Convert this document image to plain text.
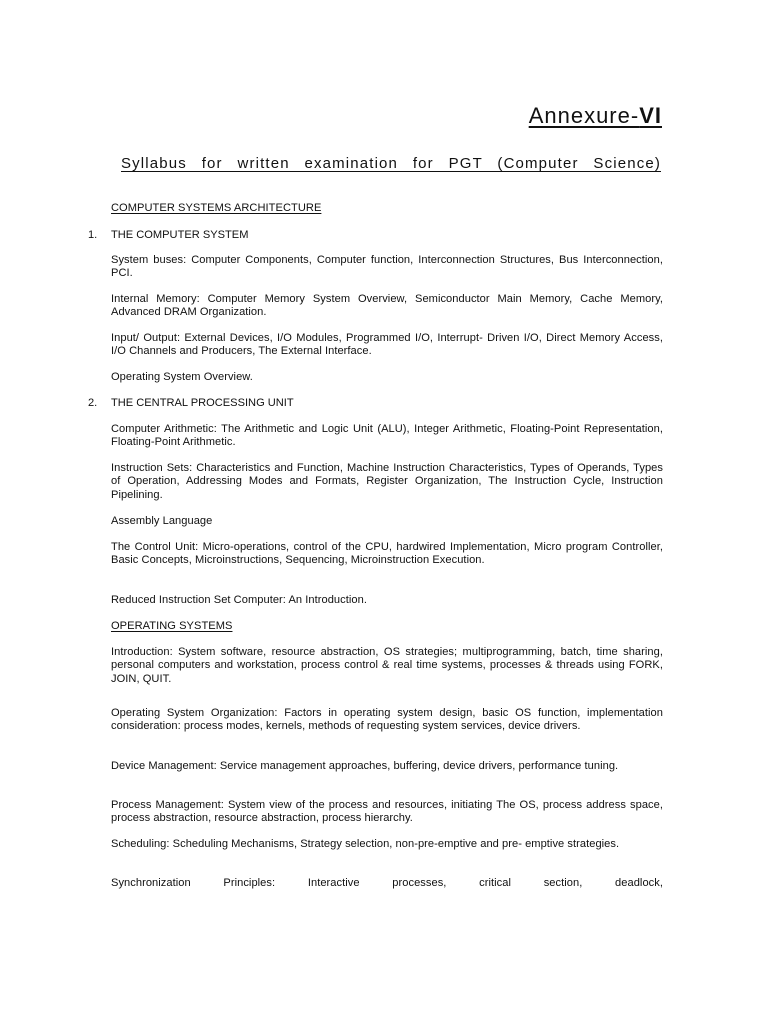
Annexure-VI
Syllabus for written examination for PGT (Computer Science)
COMPUTER SYSTEMS ARCHITECTURE
1. THE COMPUTER SYSTEM
System buses: Computer Components, Computer function, Interconnection Structures, Bus Interconnection, PCI.
Internal Memory: Computer Memory System Overview, Semiconductor Main Memory, Cache Memory, Advanced DRAM Organization.
Input/ Output: External Devices, I/O Modules, Programmed I/O, Interrupt- Driven I/O, Direct Memory Access, I/O Channels and Producers, The External Interface.
Operating System Overview.
2. THE CENTRAL PROCESSING UNIT
Computer Arithmetic: The Arithmetic and Logic Unit (ALU), Integer Arithmetic, Floating-Point Representation, Floating-Point Arithmetic.
Instruction Sets: Characteristics and Function, Machine Instruction Characteristics, Types of Operands, Types of Operation, Addressing Modes and Formats, Register Organization, The Instruction Cycle, Instruction Pipelining.
Assembly Language
The Control Unit: Micro-operations, control of the CPU, hardwired Implementation, Micro program Controller, Basic Concepts, Microinstructions, Sequencing, Microinstruction Execution.
Reduced Instruction Set Computer: An Introduction.
OPERATING SYSTEMS
Introduction: System software, resource abstraction, OS strategies; multiprogramming, batch, time sharing, personal computers and workstation, process control & real time systems, processes & threads using FORK, JOIN, QUIT.
Operating System Organization: Factors in operating system design, basic OS function, implementation consideration: process modes, kernels, methods of requesting system services, device drivers.
Device Management: Service management approaches, buffering, device drivers, performance tuning.
Process Management: System view of the process and resources, initiating The OS, process address space, process abstraction, resource abstraction, process hierarchy.
Scheduling: Scheduling Mechanisms, Strategy selection, non-pre-emptive and pre- emptive strategies.
Synchronization Principles: Interactive processes, critical section, deadlock,
